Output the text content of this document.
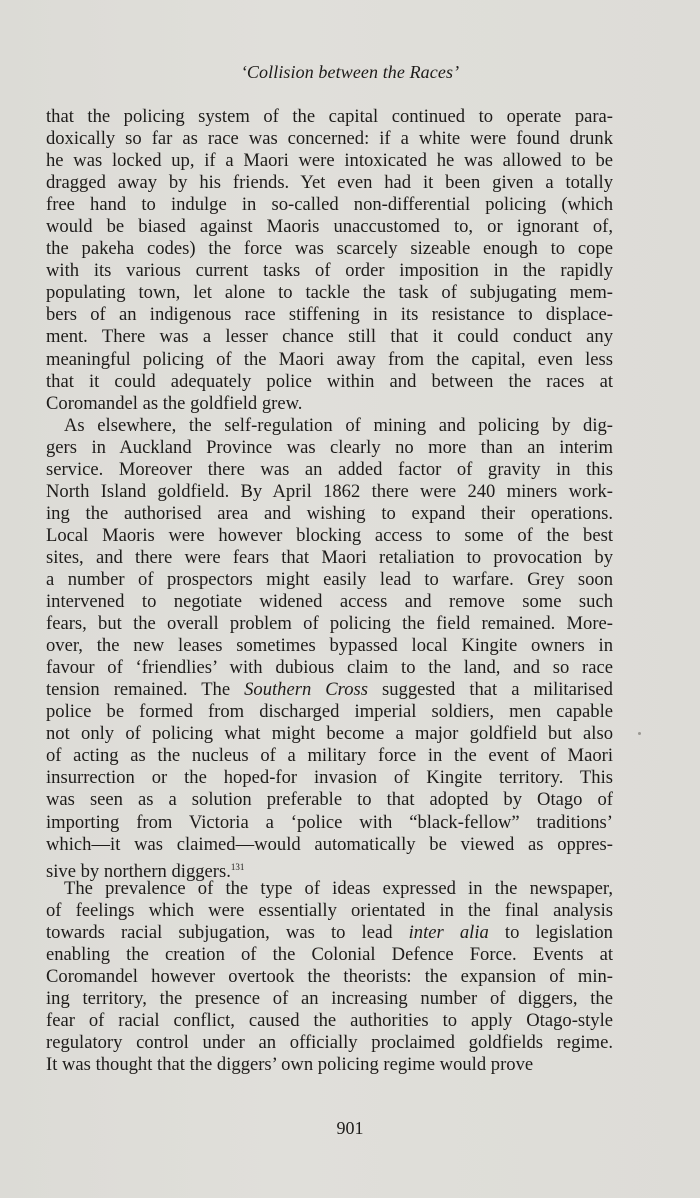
‘Collision between the Races’

that the policing system of the capital continued to operate para-
doxically so far as race was concerned: if a white were found drunk
he was locked up, if a Maori were intoxicated he was allowed to be
dragged away by his friends. Yet even had it been given a totally
free hand to indulge in so-called non-differential policing (which
would be biased against Maoris unaccustomed to, or ignorant of,
the pakeha codes) the force was scarcely sizeable enough to cope
with its various current tasks of order imposition in the rapidly
populating town, let alone to tackle the task of subjugating mem-
bers of an indigenous race stiffening in its resistance to displace-
ment. There was a lesser chance still that it could conduct any
meaningful policing of the Maori away from the capital, even less
that it could adequately police within and between the races at
Coromandel as the goldfield grew.

As elsewhere, the self-regulation of mining and policing by dig-
gers in Auckland Province was clearly no more than an interim
service. Moreover there was an added factor of gravity in this
North Island goldfield. By April 1862 there were 240 miners work-
ing the authorised area and wishing to expand their operations.
Local Maoris were however blocking access to some of the best
sites, and there were fears that Maori retaliation to provocation by
a number of prospectors might easily lead to warfare. Grey soon
intervened to negotiate widened access and remove some such
fears, but the overall problem of policing the field remained. More-
over, the new leases sometimes bypassed local Kingite owners in
favour of ‘friendlies’ with dubious claim to the land, and so race
tension remained. The Southern Cross suggested that a militarised
police be formed from discharged imperial soldiers, men capable
not only of policing what might become a major goldfield but also
of acting as the nucleus of a military force in the event of Maori
insurrection or the hoped-for invasion of Kingite territory. This
was seen as a solution preferable to that adopted by Otago of
importing from Victoria a ‘police with “black-fellow” traditions’
which—it was claimed—would automatically be viewed as oppres-
sive by northern diggers.$^{131}$

The prevalence of the type of ideas expressed in the newspaper,
of feelings which were essentially orientated in the final analysis
towards racial subjugation, was to lead inter alia to legislation
enabling the creation of the Colonial Defence Force. Events at
Coromandel however overtook the theorists: the expansion of min-
ing territory, the presence of an increasing number of diggers, the
fear of racial conflict, caused the authorities to apply Otago-style
regulatory control under an officially proclaimed goldfields regime.
It was thought that the diggers’ own policing regime would prove

901
